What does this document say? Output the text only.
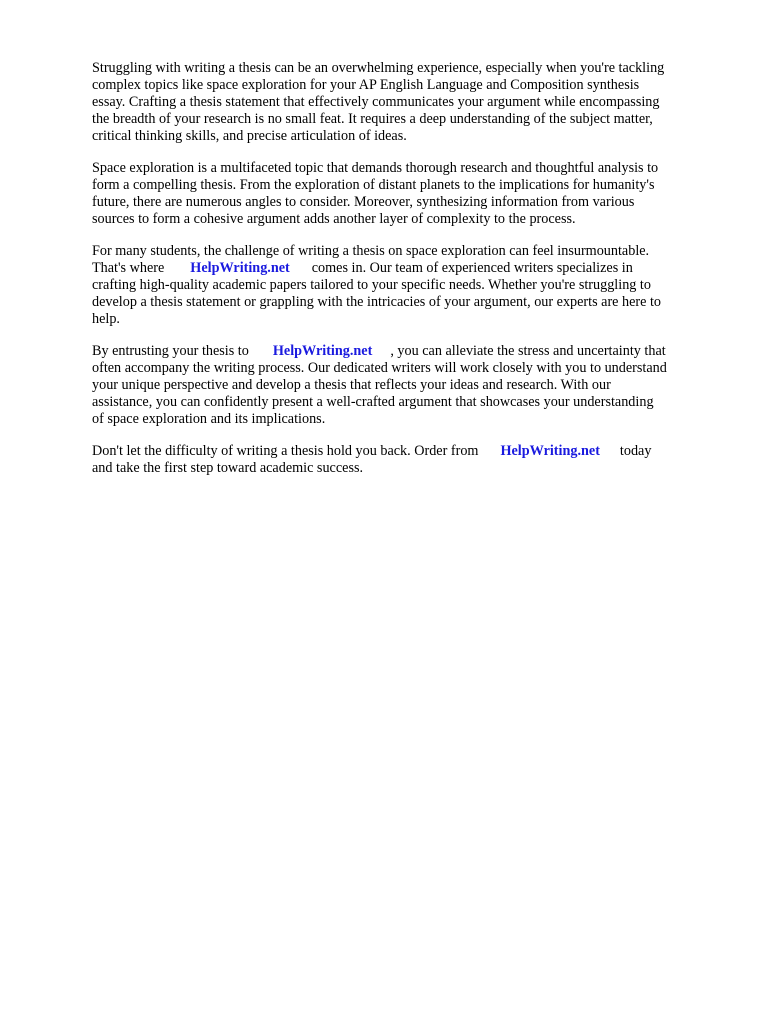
Struggling with writing a thesis can be an overwhelming experience, especially when you're tackling
complex topics like space exploration for your AP English Language and Composition synthesis
essay. Crafting a thesis statement that effectively communicates your argument while encompassing
the breadth of your research is no small feat. It requires a deep understanding of the subject matter,
critical thinking skills, and precise articulation of ideas.

Space exploration is a multifaceted topic that demands thorough research and thoughtful analysis to
form a compelling thesis. From the exploration of distant planets to the implications for humanity's
future, there are numerous angles to consider. Moreover, synthesizing information from various
sources to form a cohesive argument adds another layer of complexity to the process.

For many students, the challenge of writing a thesis on space exploration can feel insurmountable.
That's where HelpWriting.net comes in. Our team of experienced writers specializes in
crafting high-quality academic papers tailored to your specific needs. Whether you're struggling to
develop a thesis statement or grappling with the intricacies of your argument, our experts are here to
help.

By entrusting your thesis to HelpWriting.net , you can alleviate the stress and uncertainty that
often accompany the writing process. Our dedicated writers will work closely with you to understand
your unique perspective and develop a thesis that reflects your ideas and research. With our
assistance, you can confidently present a well-crafted argument that showcases your understanding
of space exploration and its implications.

Don't let the difficulty of writing a thesis hold you back. Order from HelpWriting.net today
and take the first step toward academic success.
